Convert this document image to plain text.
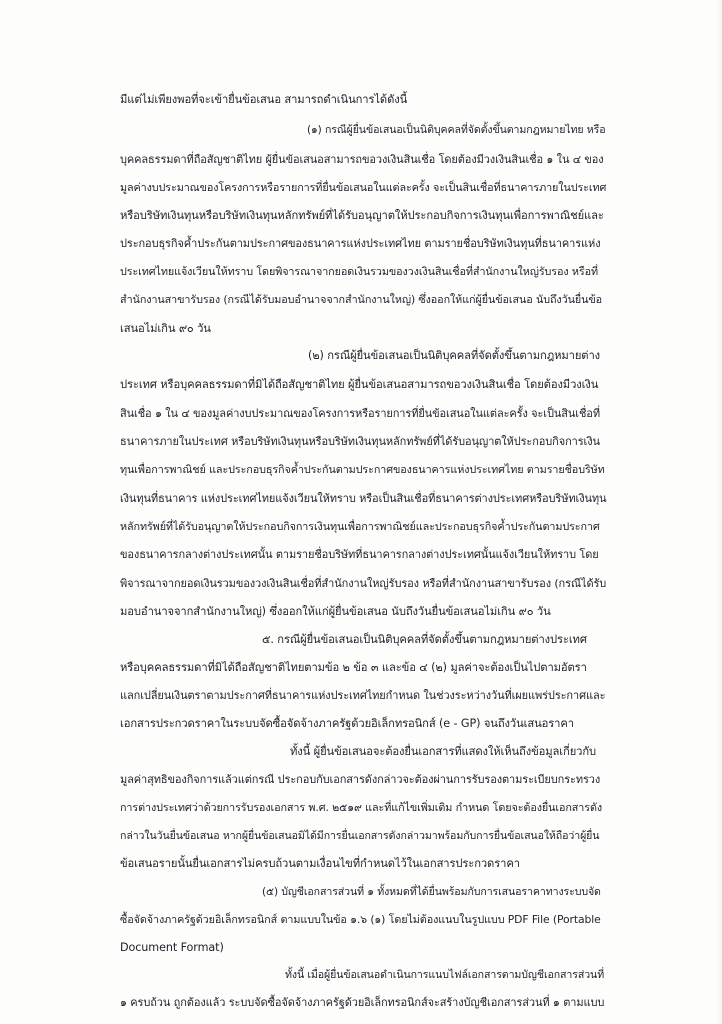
มีแต่ไม่เพียงพอที่จะเข้ายื่นข้อเสนอ สามารถดำเนินการได้ดังนี้
(๑) กรณีผู้ยื่นข้อเสนอเป็นนิติบุคคลที่จัดตั้งขึ้นตามกฎหมายไทย หรือ
บุคคลธรรมดาที่ถือสัญชาติไทย ผู้ยื่นข้อเสนอสามารถขอวงเงินสินเชื่อ โดยต้องมีวงเงินสินเชื่อ ๑ ใน ๔ ของ
มูลค่างบประมาณของโครงการหรือรายการที่ยื่นข้อเสนอในแต่ละครั้ง จะเป็นสินเชื่อที่ธนาคารภายในประเทศ
หรือบริษัทเงินทุนหรือบริษัทเงินทุนหลักทรัพย์ที่ได้รับอนุญาตให้ประกอบกิจการเงินทุนเพื่อการพาณิชย์และ
ประกอบธุรกิจค้ำประกันตามประกาศของธนาคารแห่งประเทศไทย ตามรายชื่อบริษัทเงินทุนที่ธนาคารแห่ง
ประเทศไทยแจ้งเวียนให้ทราบ โดยพิจารณาจากยอดเงินรวมของวงเงินสินเชื่อที่สำนักงานใหญ่รับรอง หรือที่
สำนักงานสาขารับรอง (กรณีได้รับมอบอำนาจจากสำนักงานใหญ่) ซึ่งออกให้แก่ผู้ยื่นข้อเสนอ นับถึงวันยื่นข้อ
เสนอไม่เกิน ๙๐ วัน
(๒) กรณีผู้ยื่นข้อเสนอเป็นนิติบุคคลที่จัดตั้งขึ้นตามกฎหมายต่าง
ประเทศ หรือบุคคลธรรมดาที่มิได้ถือสัญชาติไทย ผู้ยื่นข้อเสนอสามารถขอวงเงินสินเชื่อ โดยต้องมีวงเงิน
สินเชื่อ ๑ ใน ๔ ของมูลค่างบประมาณของโครงการหรือรายการที่ยื่นข้อเสนอในแต่ละครั้ง จะเป็นสินเชื่อที่
ธนาคารภายในประเทศ หรือบริษัทเงินทุนหรือบริษัทเงินทุนหลักทรัพย์ที่ได้รับอนุญาตให้ประกอบกิจการเงิน
ทุนเพื่อการพาณิชย์ และประกอบธุรกิจค้ำประกันตามประกาศของธนาคารแห่งประเทศไทย ตามรายชื่อบริษัท
เงินทุนที่ธนาคาร แห่งประเทศไทยแจ้งเวียนให้ทราบ หรือเป็นสินเชื่อที่ธนาคารต่างประเทศหรือบริษัทเงินทุน
หลักทรัพย์ที่ได้รับอนุญาตให้ประกอบกิจการเงินทุนเพื่อการพาณิชย์และประกอบธุรกิจค้ำประกันตามประกาศ
ของธนาคารกลางต่างประเทศนั้น ตามรายชื่อบริษัทที่ธนาคารกลางต่างประเทศนั้นแจ้งเวียนให้ทราบ โดย
พิจารณาจากยอดเงินรวมของวงเงินสินเชื่อที่สำนักงานใหญ่รับรอง หรือที่สำนักงานสาขารับรอง (กรณีได้รับ
มอบอำนาจจากสำนักงานใหญ่) ซึ่งออกให้แก่ผู้ยื่นข้อเสนอ นับถึงวันยื่นข้อเสนอไม่เกิน ๙๐ วัน
๕. กรณีผู้ยื่นข้อเสนอเป็นนิติบุคคลที่จัดตั้งขึ้นตามกฎหมายต่างประเทศ
หรือบุคคลธรรมดาที่มิได้ถือสัญชาติไทยตามข้อ ๒ ข้อ ๓ และข้อ ๔ (๒) มูลค่าจะต้องเป็นไปตามอัตรา
แลกเปลี่ยนเงินตราตามประกาศที่ธนาคารแห่งประเทศไทยกำหนด ในช่วงระหว่างวันที่เผยแพร่ประกาศและ
เอกสารประกวดราคาในระบบจัดซื้อจัดจ้างภาครัฐด้วยอิเล็กทรอนิกส์ (e - GP) จนถึงวันเสนอราคา
ทั้งนี้ ผู้ยื่นข้อเสนอจะต้องยื่นเอกสารที่แสดงให้เห็นถึงข้อมูลเกี่ยวกับ
มูลค่าสุทธิของกิจการแล้วแต่กรณี ประกอบกับเอกสารดังกล่าวจะต้องผ่านการรับรองตามระเบียบกระทรวง
การต่างประเทศว่าด้วยการรับรองเอกสาร พ.ศ. ๒๕๑๙ และที่แก้ไขเพิ่มเติม กำหนด โดยจะต้องยื่นเอกสารดัง
กล่าวในวันยื่นข้อเสนอ หากผู้ยื่นข้อเสนอมิได้มีการยื่นเอกสารดังกล่าวมาพร้อมกับการยื่นข้อเสนอให้ถือว่าผู้ยื่น
ข้อเสนอรายนั้นยื่นเอกสารไม่ครบถ้วนตามเงื่อนไขที่กำหนดไว้ในเอกสารประกวดราคา
(๕) บัญชีเอกสารส่วนที่ ๑ ทั้งหมดที่ได้ยื่นพร้อมกับการเสนอราคาทางระบบจัด
ซื้อจัดจ้างภาครัฐด้วยอิเล็กทรอนิกส์ ตามแบบในข้อ ๑.๖ (๑) โดยไม่ต้องแนบในรูปแบบ PDF File (Portable
Document Format)
ทั้งนี้ เมื่อผู้ยื่นข้อเสนอดำเนินการแนบไฟล์เอกสารตามบัญชีเอกสารส่วนที่
๑ ครบถ้วน ถูกต้องแล้ว ระบบจัดซื้อจัดจ้างภาครัฐด้วยอิเล็กทรอนิกส์จะสร้างบัญชีเอกสารส่วนที่ ๑ ตามแบบ
